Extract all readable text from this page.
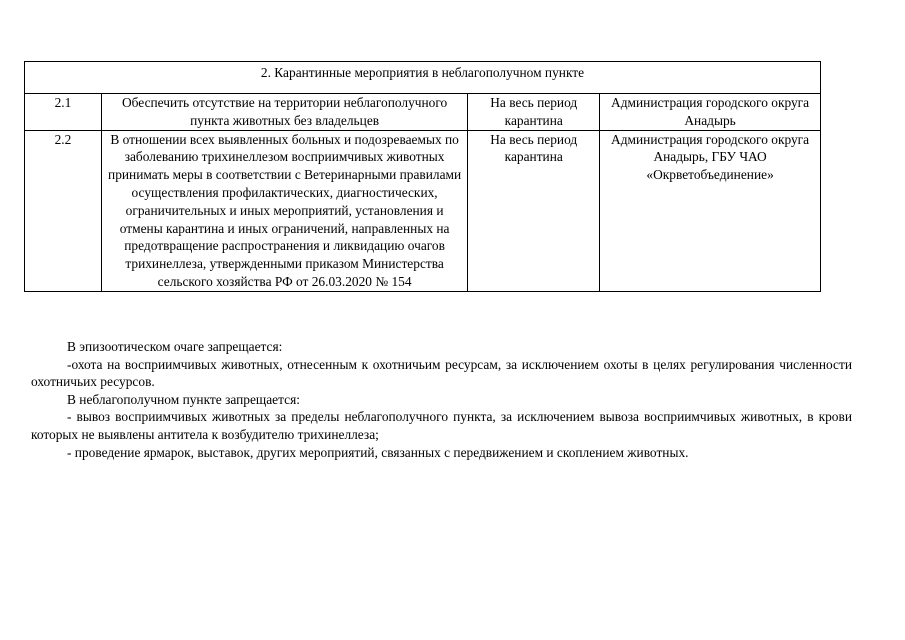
2. Карантинные мероприятия в неблагополучном пункте			
2.1	Обеспечить отсутствие на территории неблагополучного пункта животных без владельцев	На весь период карантина	Администрация городского округа Анадырь
2.2	В отношении всех выявленных больных и подозреваемых по заболеванию трихинеллезом восприимчивых животных принимать меры в соответствии с Ветеринарными правилами осуществления профилактических, диагностических, ограничительных и иных мероприятий, установления и отмены карантина и иных ограничений, направленных на предотвращение распространения и ликвидацию очагов трихинеллеза, утвержденными приказом Министерства сельского хозяйства РФ от 26.03.2020 № 154	На весь период карантина	Администрация городского округа Анадырь, ГБУ ЧАО «Окрветобъединение»

В эпизоотическом очаге запрещается:

-охота на восприимчивых животных, отнесенным к охотничьим ресурсам, за исключением охоты в целях регулирования численности охотничьих ресурсов.

В неблагополучном пункте запрещается:

- вывоз восприимчивых животных за пределы неблагополучного пункта, за исключением вывоза восприимчивых животных, в крови которых не выявлены антитела к возбудителю трихинеллеза;

- проведение ярмарок, выставок, других мероприятий, связанных с передвижением и скоплением животных.
